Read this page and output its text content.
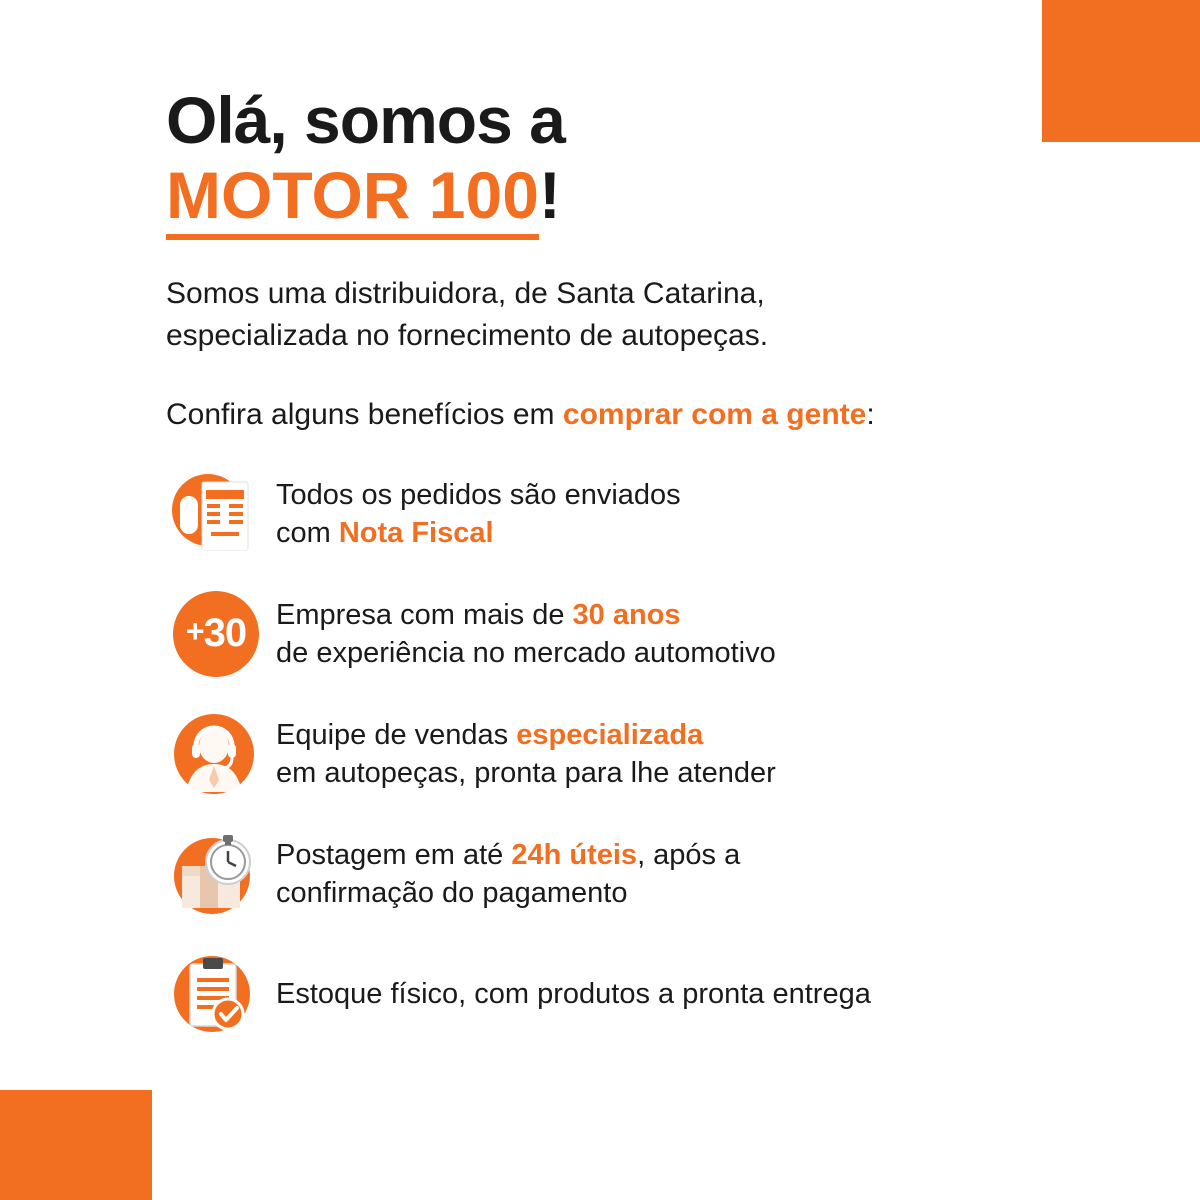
Olá, somos a
MOTOR 100!

Somos uma distribuidora, de Santa Catarina,

especializada no fornecimento de autopeças.

Confira alguns benefícios em comprar com a gente:
Todos os pedidos são enviados
com Nota Fiscal
+30 Empresa com mais de 30 anos
de experiência no mercado automotivo
Equipe de vendas especializada
em autopeças, pronta para lhe atender
Postagem em até 24h úteis, após a
confirmação do pagamento
Estoque físico, com produtos a pronta entrega
